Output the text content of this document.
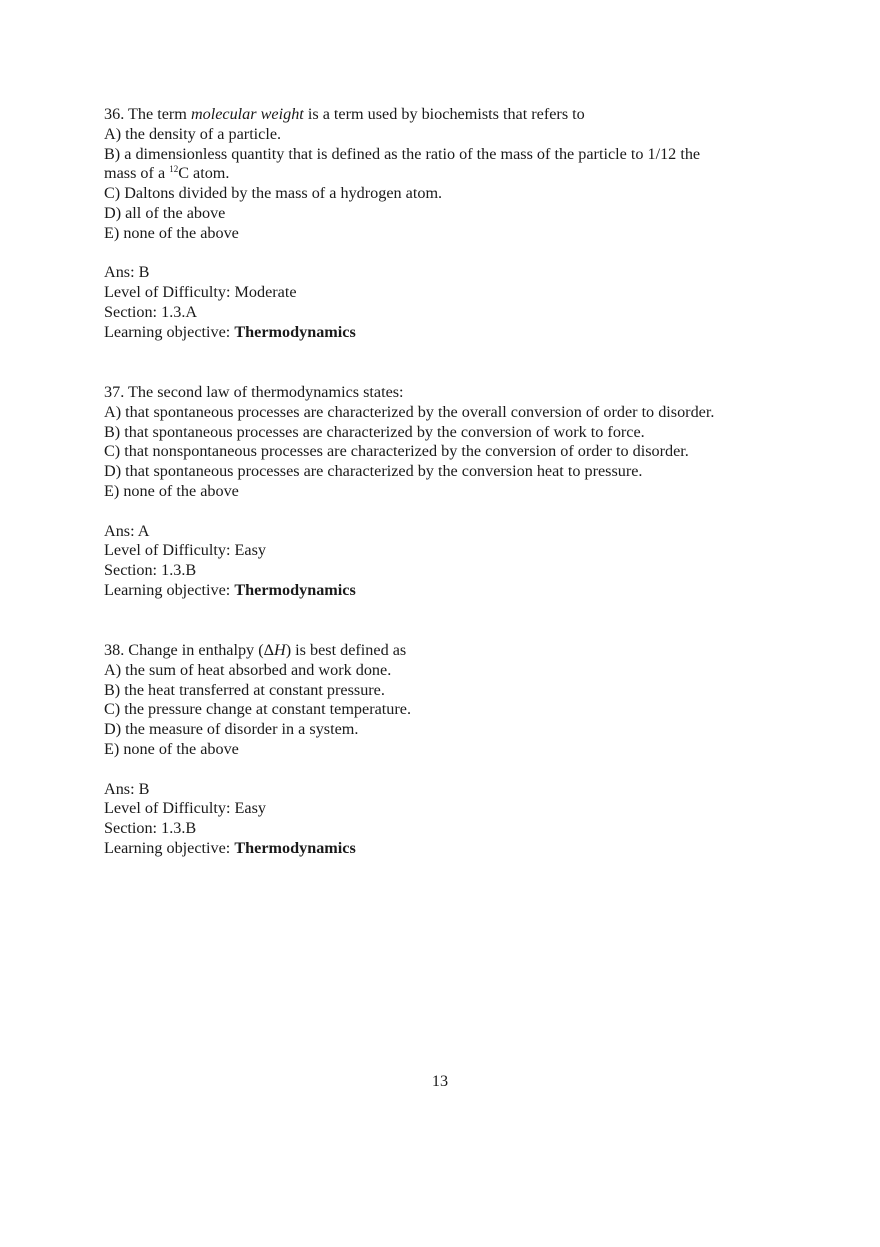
36. The term molecular weight is a term used by biochemists that refers to
A) the density of a particle.
B) a dimensionless quantity that is defined as the ratio of the mass of the particle to 1/12 the
mass of a $^{12}$C atom.
C) Daltons divided by the mass of a hydrogen atom.
D) all of the above
E) none of the above
Ans: B
Level of Difficulty: Moderate
Section: 1.3.A
Learning objective: Thermodynamics
37. The second law of thermodynamics states:
A) that spontaneous processes are characterized by the overall conversion of order to disorder.
B) that spontaneous processes are characterized by the conversion of work to force.
C) that nonspontaneous processes are characterized by the conversion of order to disorder.
D) that spontaneous processes are characterized by the conversion heat to pressure.
E) none of the above
Ans: A
Level of Difficulty: Easy
Section: 1.3.B
Learning objective: Thermodynamics
38. Change in enthalpy (ΔH) is best defined as
A) the sum of heat absorbed and work done.
B) the heat transferred at constant pressure.
C) the pressure change at constant temperature.
D) the measure of disorder in a system.
E) none of the above
Ans: B
Level of Difficulty: Easy
Section: 1.3.B
Learning objective: Thermodynamics
13
